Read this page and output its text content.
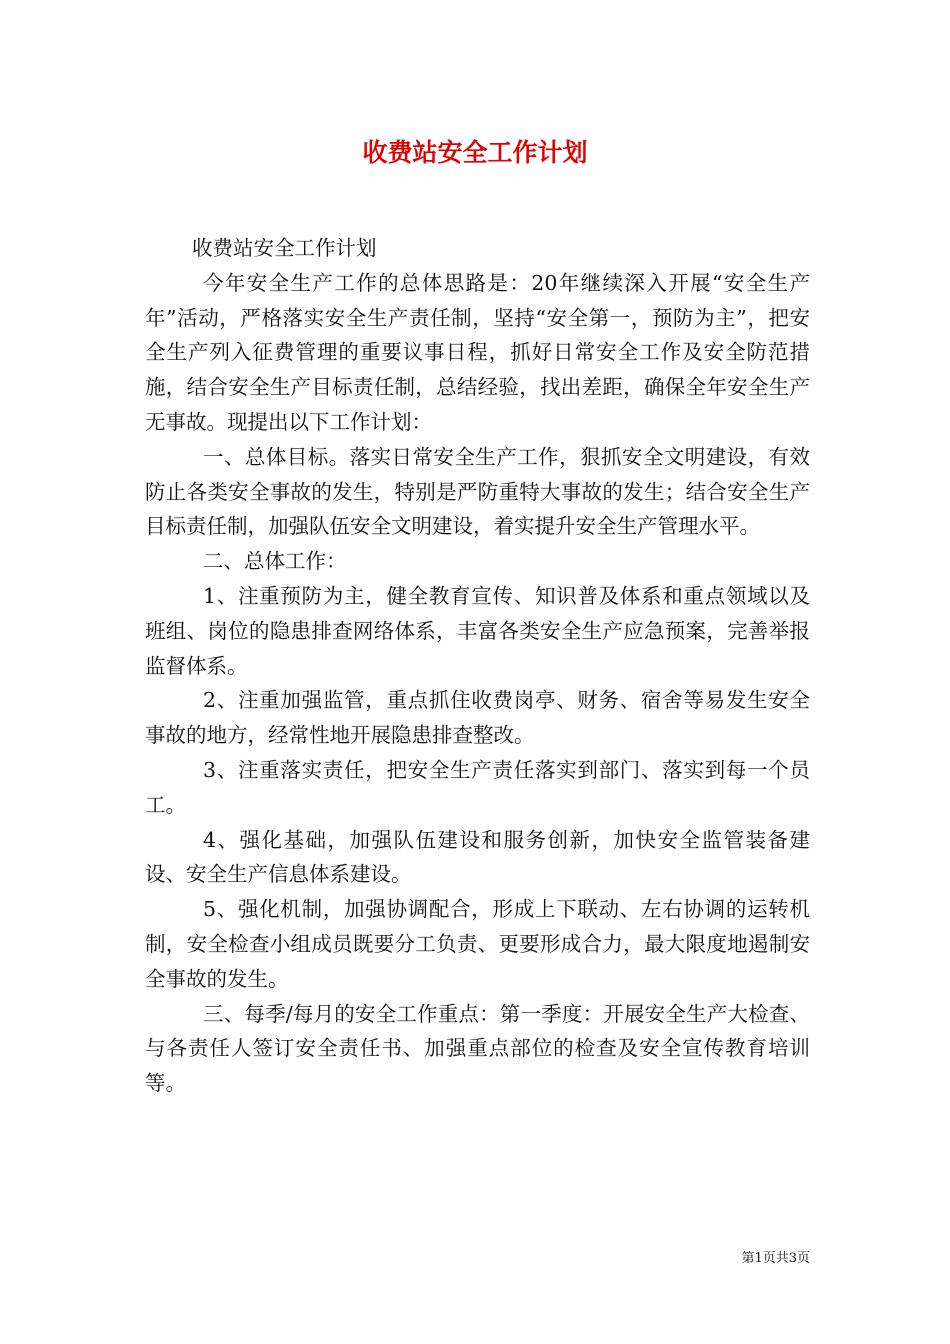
收费站安全工作计划

收费站安全工作计划

今年安全生产工作的总体思路是：20年继续深入开展“安全生产年”活动，严格落实安全生产责任制，坚持“安全第一，预防为主”，把安全生产列入征费管理的重要议事日程，抓好日常安全工作及安全防范措施，结合安全生产目标责任制，总结经验，找出差距，确保全年安全生产无事故。现提出以下工作计划：

一、总体目标。落实日常安全生产工作，狠抓安全文明建设，有效防止各类安全事故的发生，特别是严防重特大事故的发生；结合安全生产目标责任制，加强队伍安全文明建设，着实提升安全生产管理水平。

二、总体工作：

1、注重预防为主，健全教育宣传、知识普及体系和重点领域以及班组、岗位的隐患排查网络体系，丰富各类安全生产应急预案，完善举报监督体系。

2、注重加强监管，重点抓住收费岗亭、财务、宿舍等易发生安全事故的地方，经常性地开展隐患排查整改。

3、注重落实责任，把安全生产责任落实到部门、落实到每一个员工。

4、强化基础，加强队伍建设和服务创新，加快安全监管装备建设、安全生产信息体系建设。

5、强化机制，加强协调配合，形成上下联动、左右协调的运转机制，安全检查小组成员既要分工负责、更要形成合力，最大限度地遏制安全事故的发生。

三、每季/每月的安全工作重点：第一季度：开展安全生产大检查、与各责任人签订安全责任书、加强重点部位的检查及安全宣传教育培训等。

第1页共3页
